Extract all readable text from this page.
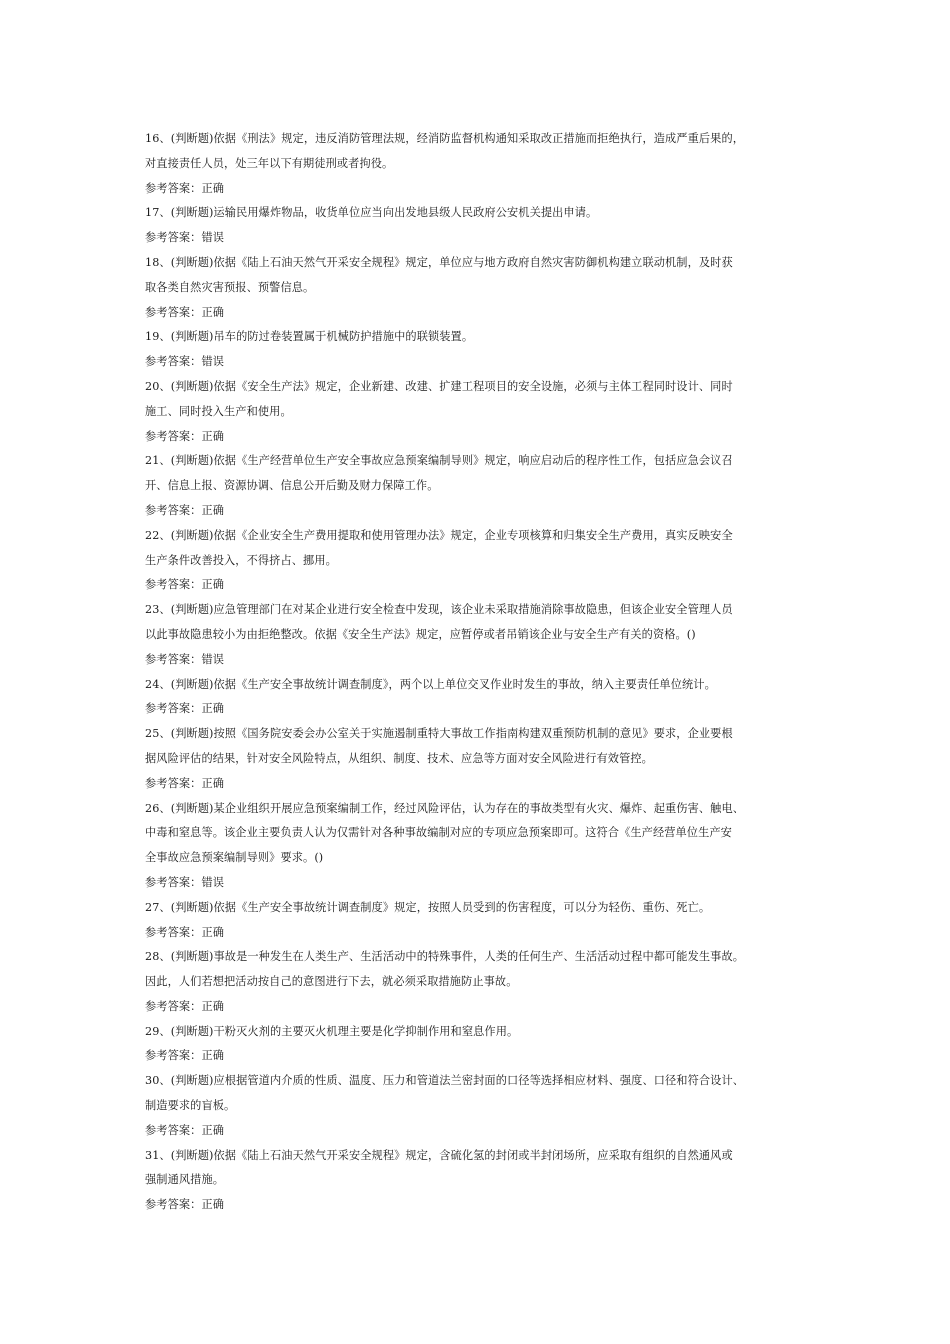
16、(判断题)依据《刑法》规定，违反消防管理法规，经消防监督机构通知采取改正措施而拒绝执行，造成严重后果的，
对直接责任人员，处三年以下有期徒刑或者拘役。
参考答案：正确
17、(判断题)运输民用爆炸物品，收货单位应当向出发地县级人民政府公安机关提出申请。
参考答案：错误
18、(判断题)依据《陆上石油天然气开采安全规程》规定，单位应与地方政府自然灾害防御机构建立联动机制，及时获
取各类自然灾害预报、预警信息。
参考答案：正确
19、(判断题)吊车的防过卷装置属于机械防护措施中的联锁装置。
参考答案：错误
20、(判断题)依据《安全生产法》规定，企业新建、改建、扩建工程项目的安全设施，必须与主体工程同时设计、同时
施工、同时投入生产和使用。
参考答案：正确
21、(判断题)依据《生产经营单位生产安全事故应急预案编制导则》规定，响应启动后的程序性工作，包括应急会议召
开、信息上报、资源协调、信息公开后勤及财力保障工作。
参考答案：正确
22、(判断题)依据《企业安全生产费用提取和使用管理办法》规定，企业专项核算和归集安全生产费用，真实反映安全
生产条件改善投入，不得挤占、挪用。
参考答案：正确
23、(判断题)应急管理部门在对某企业进行安全检查中发现，该企业未采取措施消除事故隐患，但该企业安全管理人员
以此事故隐患较小为由拒绝整改。依据《安全生产法》规定，应暂停或者吊销该企业与安全生产有关的资格。()
参考答案：错误
24、(判断题)依据《生产安全事故统计调查制度》，两个以上单位交叉作业时发生的事故，纳入主要责任单位统计。
参考答案：正确
25、(判断题)按照《国务院安委会办公室关于实施遏制重特大事故工作指南构建双重预防机制的意见》要求，企业要根
据风险评估的结果，针对安全风险特点，从组织、制度、技术、应急等方面对安全风险进行有效管控。
参考答案：正确
26、(判断题)某企业组织开展应急预案编制工作，经过风险评估，认为存在的事故类型有火灾、爆炸、起重伤害、触电、
中毒和窒息等。该企业主要负责人认为仅需针对各种事故编制对应的专项应急预案即可。这符合《生产经营单位生产安
全事故应急预案编制导则》要求。()
参考答案：错误
27、(判断题)依据《生产安全事故统计调查制度》规定，按照人员受到的伤害程度，可以分为轻伤、重伤、死亡。
参考答案：正确
28、(判断题)事故是一种发生在人类生产、生活活动中的特殊事件，人类的任何生产、生活活动过程中都可能发生事故。
因此，人们若想把活动按自己的意图进行下去，就必须采取措施防止事故。
参考答案：正确
29、(判断题)干粉灭火剂的主要灭火机理主要是化学抑制作用和窒息作用。
参考答案：正确
30、(判断题)应根据管道内介质的性质、温度、压力和管道法兰密封面的口径等选择相应材料、强度、口径和符合设计、
制造要求的盲板。
参考答案：正确
31、(判断题)依据《陆上石油天然气开采安全规程》规定，含硫化氢的封闭或半封闭场所，应采取有组织的自然通风或
强制通风措施。
参考答案：正确
